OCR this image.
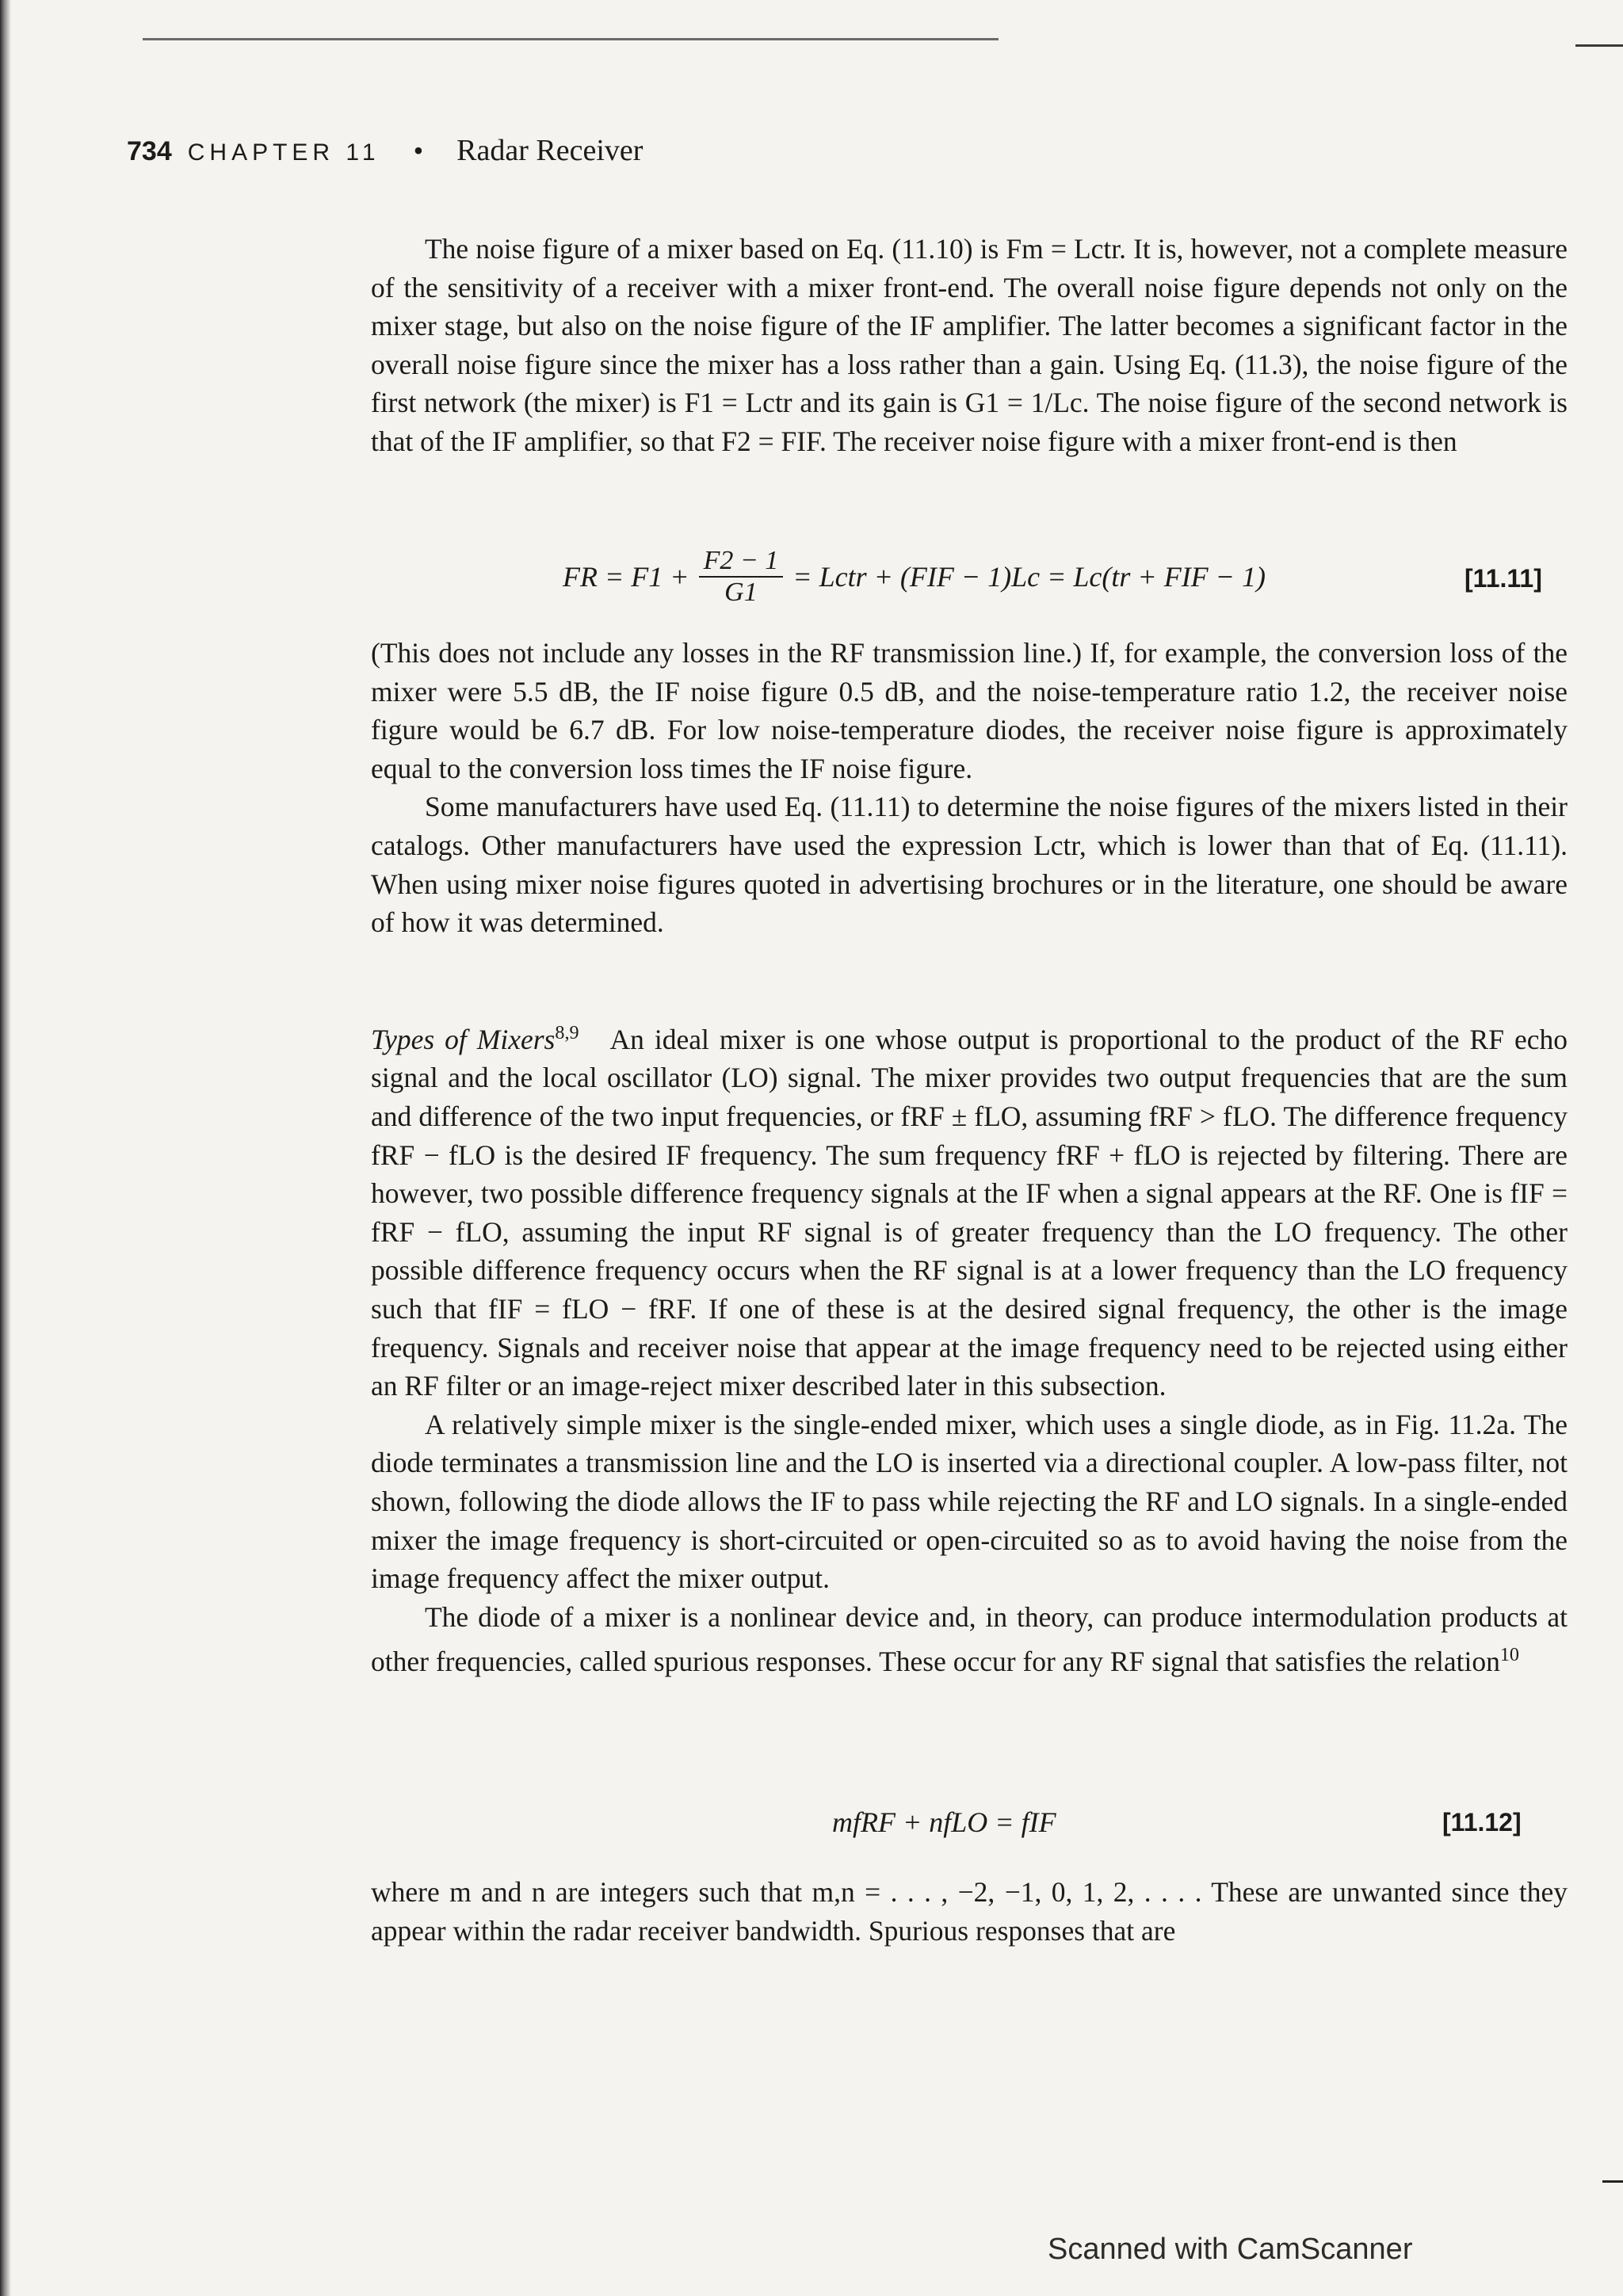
734 CHAPTER 11 • Radar Receiver

The noise figure of a mixer based on Eq. (11.10) is Fm = Lctr. It is, however, not a complete measure of the sensitivity of a receiver with a mixer front-end. The overall noise figure depends not only on the mixer stage, but also on the noise figure of the IF amplifier. The latter becomes a significant factor in the overall noise figure since the mixer has a loss rather than a gain. Using Eq. (11.3), the noise figure of the first network (the mixer) is F1 = Lctr and its gain is G1 = 1/Lc. The noise figure of the second network is that of the IF amplifier, so that F2 = FIF. The receiver noise figure with a mixer front-end is then

FR = $F1 + \frac{F2 - 1}{G1}$ = Lctr + (FIF − 1)Lc = Lc(tr + FIF − 1)	[11.11]

(This does not include any losses in the RF transmission line.) If, for example, the conversion loss of the mixer were 5.5 dB, the IF noise figure 0.5 dB, and the noise-temperature ratio 1.2, the receiver noise figure would be 6.7 dB. For low noise-temperature diodes, the receiver noise figure is approximately equal to the conversion loss times the IF noise figure.

Some manufacturers have used Eq. (11.11) to determine the noise figures of the mixers listed in their catalogs. Other manufacturers have used the expression Lctr, which is lower than that of Eq. (11.11). When using mixer noise figures quoted in advertising brochures or in the literature, one should be aware of how it was determined.

Types of Mixers$^{8,9}$ An ideal mixer is one whose output is proportional to the product of the RF echo signal and the local oscillator (LO) signal. The mixer provides two output frequencies that are the sum and difference of the two input frequencies, or fRF ± fLO, assuming fRF > fLO. The difference frequency fRF − fLO is the desired IF frequency. The sum frequency fRF + fLO is rejected by filtering. There are however, two possible difference frequency signals at the IF when a signal appears at the RF. One is fIF = fRF − fLO, assuming the input RF signal is of greater frequency than the LO frequency. The other possible difference frequency occurs when the RF signal is at a lower frequency than the LO frequency such that fIF = fLO − fRF. If one of these is at the desired signal frequency, the other is the image frequency. Signals and receiver noise that appear at the image frequency need to be rejected using either an RF filter or an image-reject mixer described later in this subsection.

A relatively simple mixer is the single-ended mixer, which uses a single diode, as in Fig. 11.2a. The diode terminates a transmission line and the LO is inserted via a directional coupler. A low-pass filter, not shown, following the diode allows the IF to pass while rejecting the RF and LO signals. In a single-ended mixer the image frequency is short-circuited or open-circuited so as to avoid having the noise from the image frequency affect the mixer output.

The diode of a mixer is a nonlinear device and, in theory, can produce intermodulation products at other frequencies, called spurious responses. These occur for any RF signal that satisfies the relation$^{10}$

mfRF + nfLO = fIF	[11.12]

where m and n are integers such that m,n = . . . , −2, −1, 0, 1, 2, . . . . These are unwanted since they appear within the radar receiver bandwidth. Spurious responses that are

Scanned with CamScanner
